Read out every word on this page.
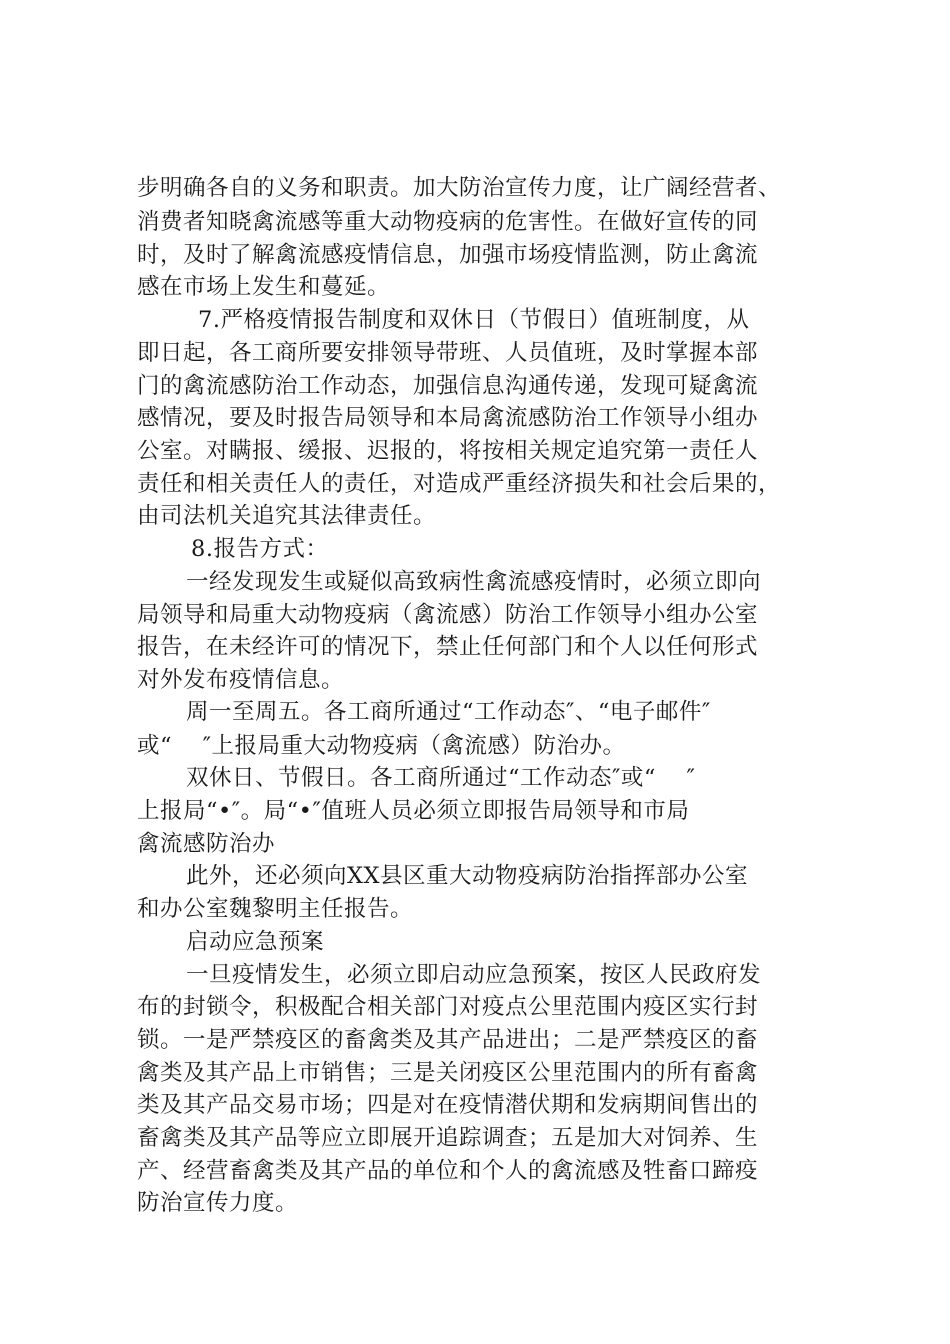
步明确各自的义务和职责。加大防治宣传力度，让广阔经营者、
消费者知晓禽流感等重大动物疫病的危害性。在做好宣传的同
时，及时了解禽流感疫情信息，加强市场疫情监测，防止禽流
感在市场上发生和蔓延。
7.严格疫情报告制度和双休日（节假日）值班制度，从
即日起，各工商所要安排领导带班、人员值班，及时掌握本部
门的禽流感防治工作动态，加强信息沟通传递，发现可疑禽流
感情况，要及时报告局领导和本局禽流感防治工作领导小组办
公室。对瞒报、缓报、迟报的，将按相关规定追究第一责任人
责任和相关责任人的责任，对造成严重经济损失和社会后果的，
由司法机关追究其法律责任。
8.报告方式：
一经发现发生或疑似高致病性禽流感疫情时，必须立即向
局领导和局重大动物疫病（禽流感）防治工作领导小组办公室
报告，在未经许可的情况下，禁止任何部门和个人以任何形式
对外发布疫情信息。
周一至周五。各工商所通过“工作动态″、“电子邮件″
或“    ″上报局重大动物疫病（禽流感）防治办。
双休日、节假日。各工商所通过“工作动态″或“    ″
上报局“•″。局“•″值班人员必须立即报告局领导和市局
禽流感防治办
此外，还必须向XX县区重大动物疫病防治指挥部办公室
和办公室魏黎明主任报告。
启动应急预案
一旦疫情发生，必须立即启动应急预案，按区人民政府发
布的封锁令，积极配合相关部门对疫点公里范围内疫区实行封
锁。一是严禁疫区的畜禽类及其产品进出；二是严禁疫区的畜
禽类及其产品上市销售；三是关闭疫区公里范围内的所有畜禽
类及其产品交易市场；四是对在疫情潜伏期和发病期间售出的
畜禽类及其产品等应立即展开追踪调查；五是加大对饲养、生
产、经营畜禽类及其产品的单位和个人的禽流感及牲畜口蹄疫
防治宣传力度。
